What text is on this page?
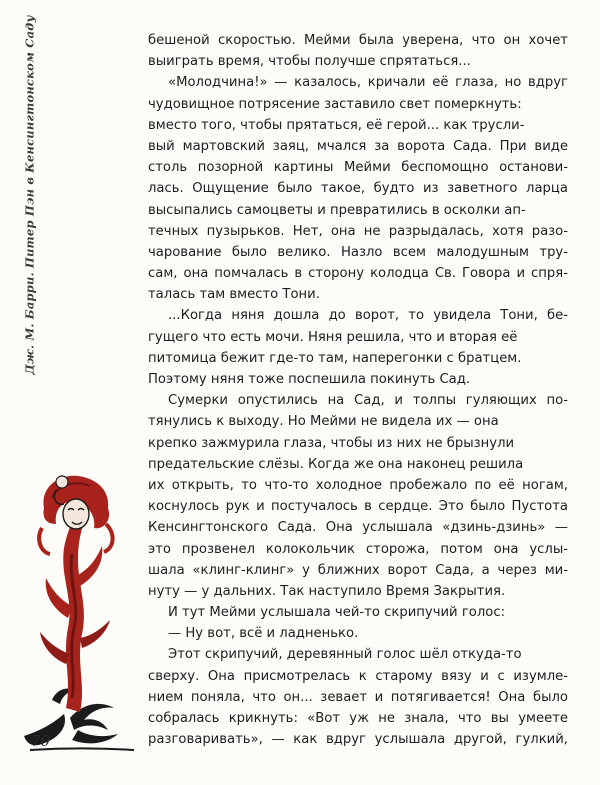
Дж. М. Барри. Питер Пэн в Кенсингтонском Саду	бешеной скоростью. Мейми была уверена, что он хочет
выиграть время, чтобы получше спрятаться...
«Молодчина!» — казалось, кричали её глаза, но вдруг
чудовищное потрясение заставило свет померкнуть:
вместо того, чтобы прятаться, её герой... как трусли-
вый мартовский заяц, мчался за ворота Сада. При виде
столь позорной картины Мейми беспомощно останови-
лась. Ощущение было такое, будто из заветного ларца
высыпались самоцветы и превратились в осколки ап-
течных пузырьков. Нет, она не разрыдалась, хотя разо-
чарование было велико. Назло всем малодушным тру-
сам, она помчалась в сторону колодца Св. Говора и спря-
талась там вместо Тони.
...Когда няня дошла до ворот, то увидела Тони, бе-
гущего что есть мочи. Няня решила, что и вторая её
питомица бежит где-то там, наперегонки с братцем.
Поэтому няня тоже поспешила покинуть Сад.
Сумерки опустились на Сад, и толпы гуляющих по-
тянулись к выходу. Но Мейми не видела их — она
крепко зажмурила глаза, чтобы из них не брызнули
предательские слёзы. Когда же она наконец решила
их открыть, то что-то холодное пробежало по её ногам,
коснулось рук и постучалось в сердце. Это было Пустота
Кенсингтонского Сада. Она услышала «дзинь-дзинь» —
это прозвенел колокольчик сторожа, потом она услы-
шала «клинг-клинг» у ближних ворот Сада, а через ми-
нуту — у дальних. Так наступило Время Закрытия.
И тут Мейми услышала чей-то скрипучий голос:
— Ну вот, всё и ладненько.
Этот скрипучий, деревянный голос шёл откуда-то
сверху. Она присмотрелась к старому вязу и с изумле-
нием поняла, что он... зевает и потягивается! Она было
собралась крикнуть: «Вот уж не знала, что вы умеете
разговаривать», — как вдруг услышала другой, гулкий,
70
